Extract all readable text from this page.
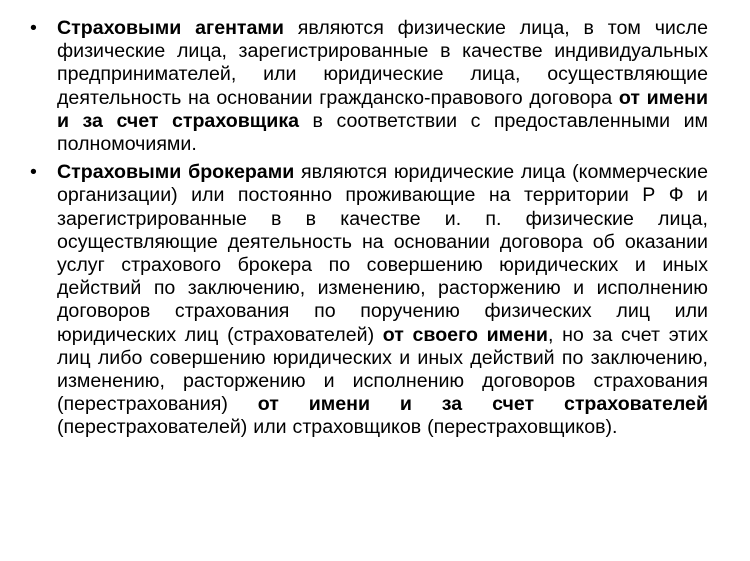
• Страховыми агентами являются физические лица, в том числе физические лица, зарегистрированные в качестве индивидуальных предпринимателей, или юридические лица, осуществляющие деятельность на основании гражданско-правового договора от имени и за счет страховщика в соответствии с предоставленными им полномочиями.
• Страховыми брокерами являются юридические лица (коммерческие организации) или постоянно проживающие на территории Р Ф и зарегистрированные в в качестве и. п. физические лица, осуществляющие деятельность на основании договора об оказании услуг страхового брокера по совершению юридических и иных действий по заключению, изменению, расторжению и исполнению договоров страхования по поручению физических лиц или юридических лиц (страхователей) от своего имени, но за счет этих лиц либо совершению юридических и иных действий по заключению, изменению, расторжению и исполнению договоров страхования (перестрахования) от имени и за счет страхователей (перестрахователей) или страховщиков (перестраховщиков).
